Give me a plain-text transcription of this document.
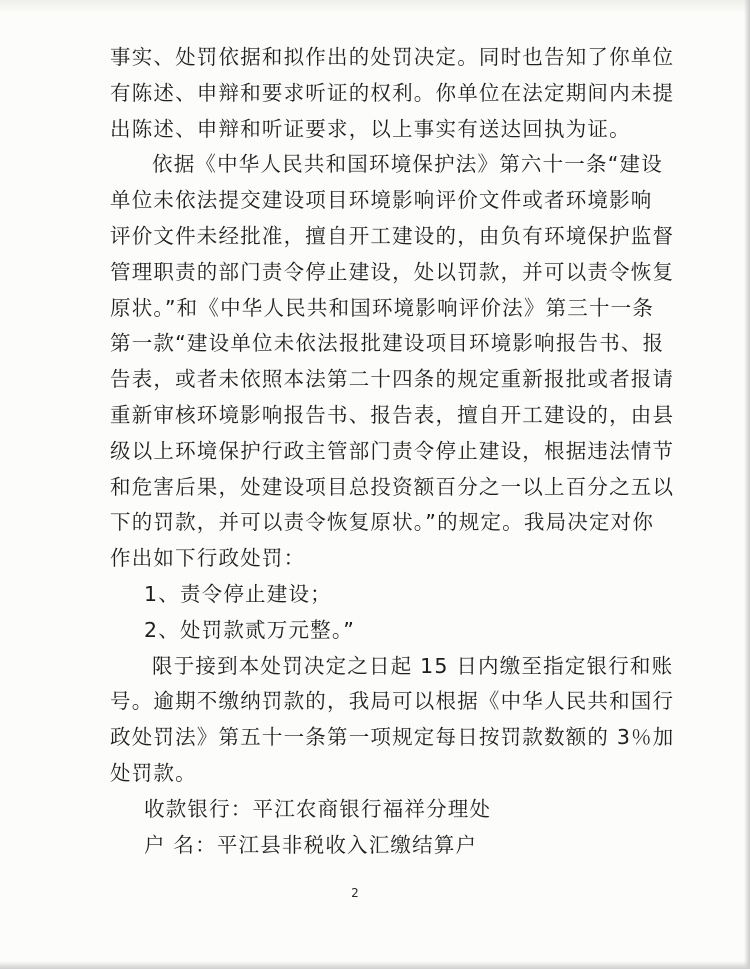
事实、处罚依据和拟作出的处罚决定。同时也告知了你单位
有陈述、申辩和要求听证的权利。你单位在法定期间内未提
出陈述、申辩和听证要求，以上事实有送达回执为证。
依据《中华人民共和国环境保护法》第六十一条“建设
单位未依法提交建设项目环境影响评价文件或者环境影响
评价文件未经批准，擅自开工建设的，由负有环境保护监督
管理职责的部门责令停止建设，处以罚款，并可以责令恢复
原状。”和《中华人民共和国环境影响评价法》第三十一条
第一款“建设单位未依法报批建设项目环境影响报告书、报
告表，或者未依照本法第二十四条的规定重新报批或者报请
重新审核环境影响报告书、报告表，擅自开工建设的，由县
级以上环境保护行政主管部门责令停止建设，根据违法情节
和危害后果，处建设项目总投资额百分之一以上百分之五以
下的罚款，并可以责令恢复原状。”的规定。我局决定对你
作出如下行政处罚：
1、责令停止建设；
2、处罚款贰万元整。”
限于接到本处罚决定之日起 15 日内缴至指定银行和账
号。逾期不缴纳罚款的，我局可以根据《中华人民共和国行
政处罚法》第五十一条第一项规定每日按罚款数额的 3％加
处罚款。
收款银行：平江农商银行福祥分理处
户 名：平江县非税收入汇缴结算户
2
